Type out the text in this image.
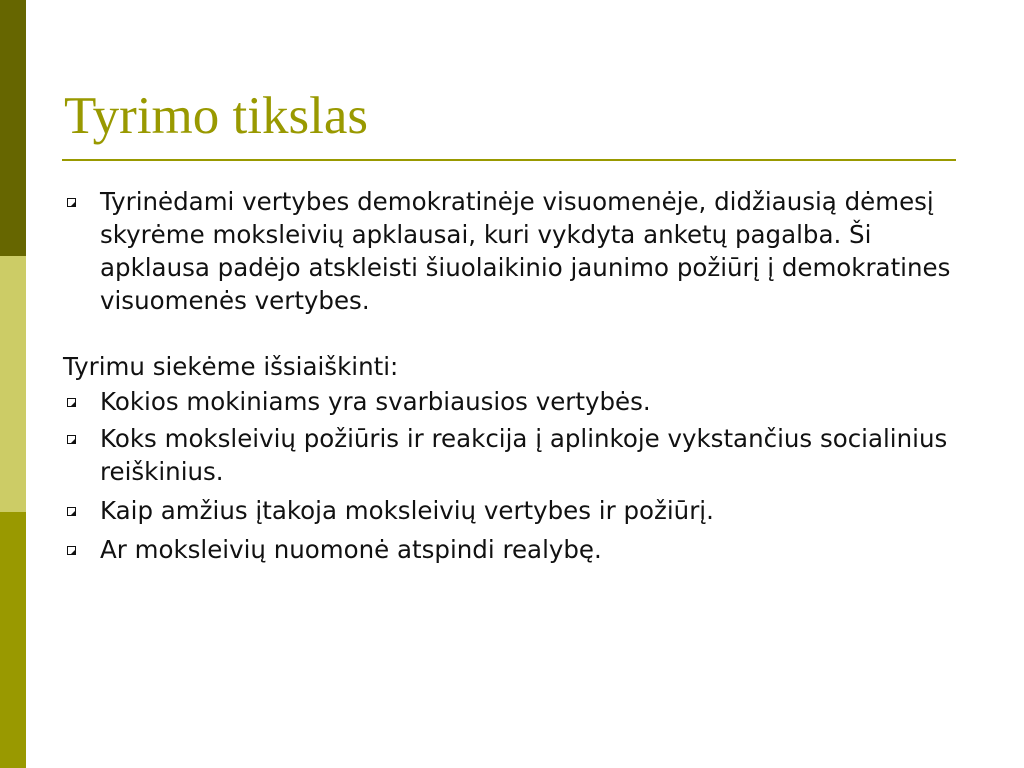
Tyrimo tikslas
Tyrinėdami vertybes demokratinėje visuomenėje, didžiausią dėmesį skyrėme moksleivių apklausai, kuri vykdyta anketų pagalba. Ši apklausa padėjo atskleisti šiuolaikinio jaunimo požiūrį į demokratines visuomenės vertybes.
Tyrimu siekėme išsiaiškinti:
Kokios mokiniams yra svarbiausios vertybės.
Koks moksleivių požiūris ir reakcija į aplinkoje vykstančius socialinius reiškinius.
Kaip amžius įtakoja moksleivių vertybes ir požiūrį.
Ar moksleivių nuomonė atspindi realybę.
